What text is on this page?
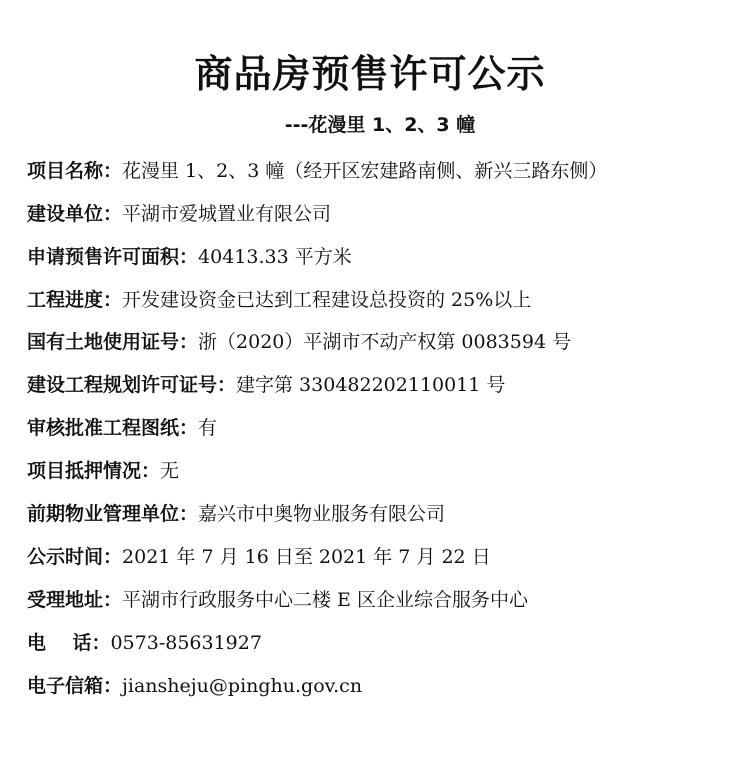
商品房预售许可公示
---花漫里 1、2、3 幢
项目名称：花漫里 1、2、3 幢（经开区宏建路南侧、新兴三路东侧）
建设单位：平湖市爱城置业有限公司
申请预售许可面积：40413.33 平方米
工程进度：开发建设资金已达到工程建设总投资的 25%以上
国有土地使用证号：浙（2020）平湖市不动产权第 0083594 号
建设工程规划许可证号：建字第 330482202110011 号
审核批准工程图纸：有
项目抵押情况：无
前期物业管理单位：嘉兴市中奥物业服务有限公司
公示时间：2021 年 7 月 16 日至 2021 年 7 月 22 日
受理地址：平湖市行政服务中心二楼 E 区企业综合服务中心
电    话：0573-85631927
电子信箱：jiansheju@pinghu.gov.cn
